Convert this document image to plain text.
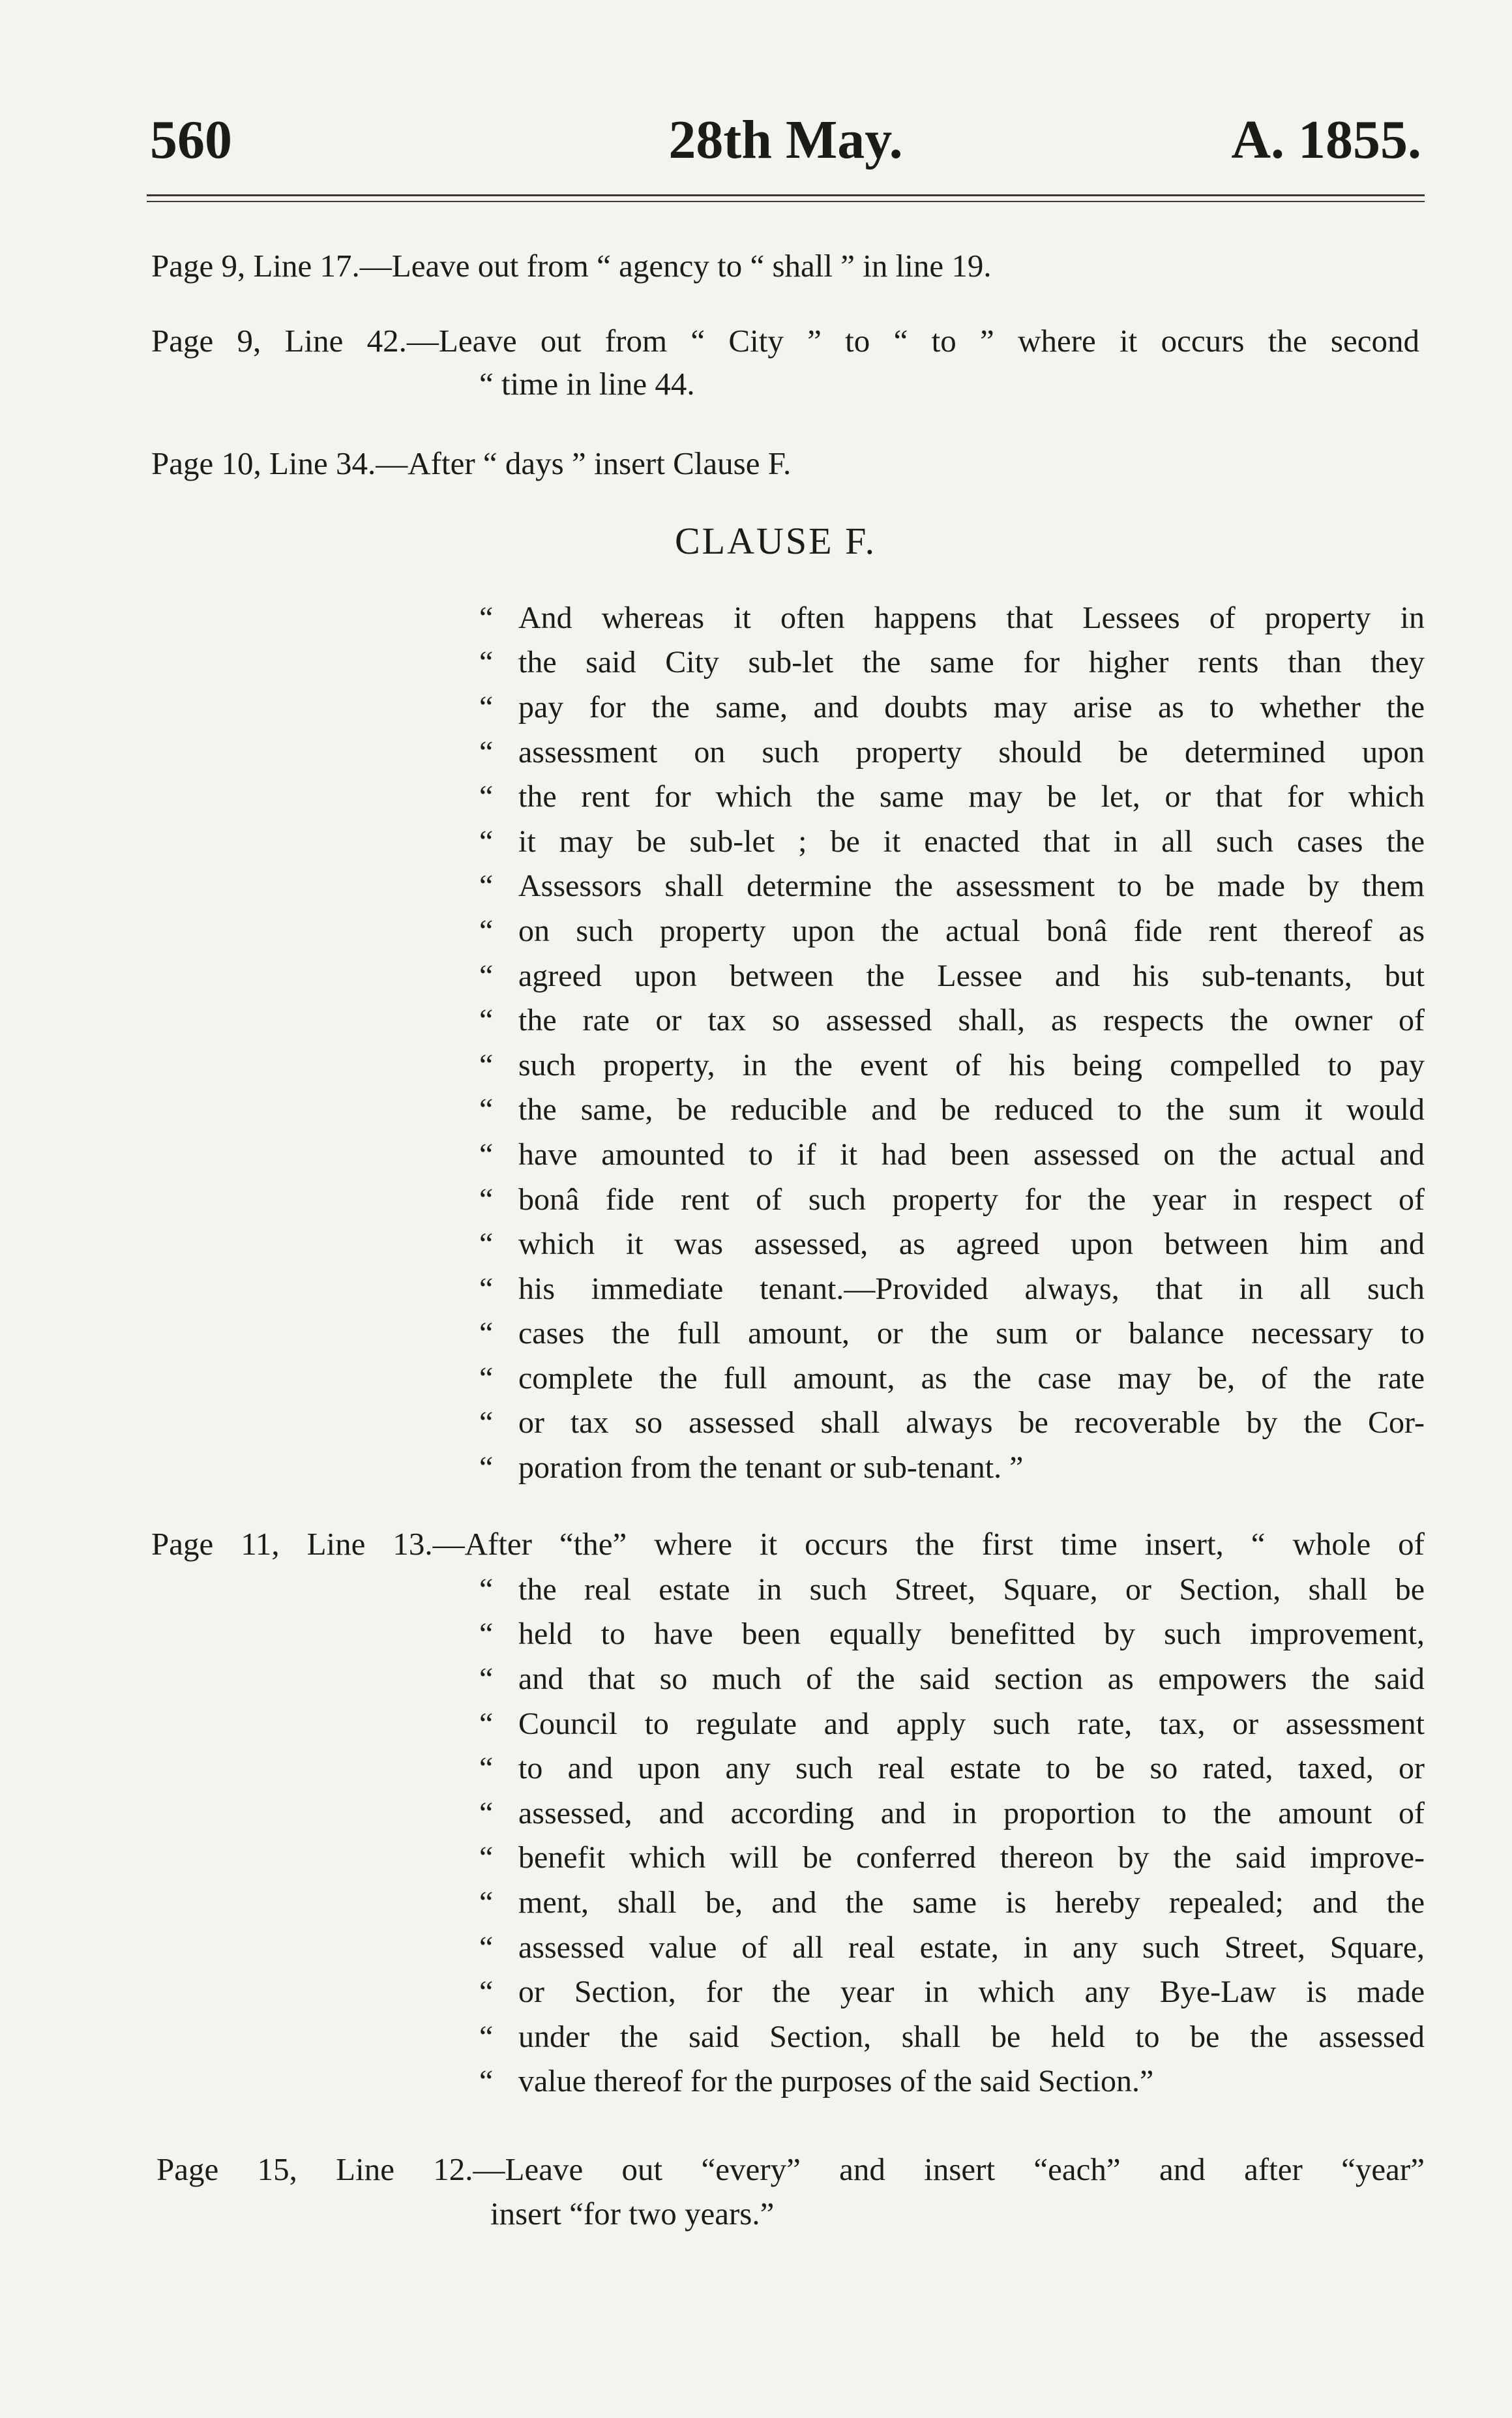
560	28th May.	A. 1855.
Page 9, Line 17.—Leave out from “ agency to “ shall ” in line 19.
Page 9, Line 42.—Leave out from “ City ” to “ to ” where it occurs the second
“ time in line 44.
Page 10, Line 34.—After “ days ” insert Clause F.
CLAUSE F.
“ And whereas it often happens that Lessees of property in
“ the said City sub-let the same for higher rents than they
“ pay for the same, and doubts may arise as to whether the
“ assessment on such property should be determined upon
“ the rent for which the same may be let, or that for which
“ it may be sub-let ; be it enacted that in all such cases the
“ Assessors shall determine the assessment to be made by them
“ on such property upon the actual bonâ fide rent thereof as
“ agreed upon between the Lessee and his sub-tenants, but
“ the rate or tax so assessed shall, as respects the owner of
“ such property, in the event of his being compelled to pay
“ the same, be reducible and be reduced to the sum it would
“ have amounted to if it had been assessed on the actual and
“ bonâ fide rent of such property for the year in respect of
“ which it was assessed, as agreed upon between him and
“ his immediate tenant.—Provided always, that in all such
“ cases the full amount, or the sum or balance necessary to
“ complete the full amount, as the case may be, of the rate
“ or tax so assessed shall always be recoverable by the Cor-
“ poration from the tenant or sub-tenant. ”
Page 11, Line 13.—After “the” where it occurs the first time insert, “ whole of
“ the real estate in such Street, Square, or Section, shall be
“ held to have been equally benefitted by such improvement,
“ and that so much of the said section as empowers the said
“ Council to regulate and apply such rate, tax, or assessment
“ to and upon any such real estate to be so rated, taxed, or
“ assessed, and according and in proportion to the amount of
“ benefit which will be conferred thereon by the said improve-
“ ment, shall be, and the same is hereby repealed; and the
“ assessed value of all real estate, in any such Street, Square,
“ or Section, for the year in which any Bye-Law is made
“ under the said Section, shall be held to be the assessed
“ value thereof for the purposes of the said Section.”
Page 15, Line 12.—Leave out “every” and insert “each” and after “year”
insert “for two years.”
